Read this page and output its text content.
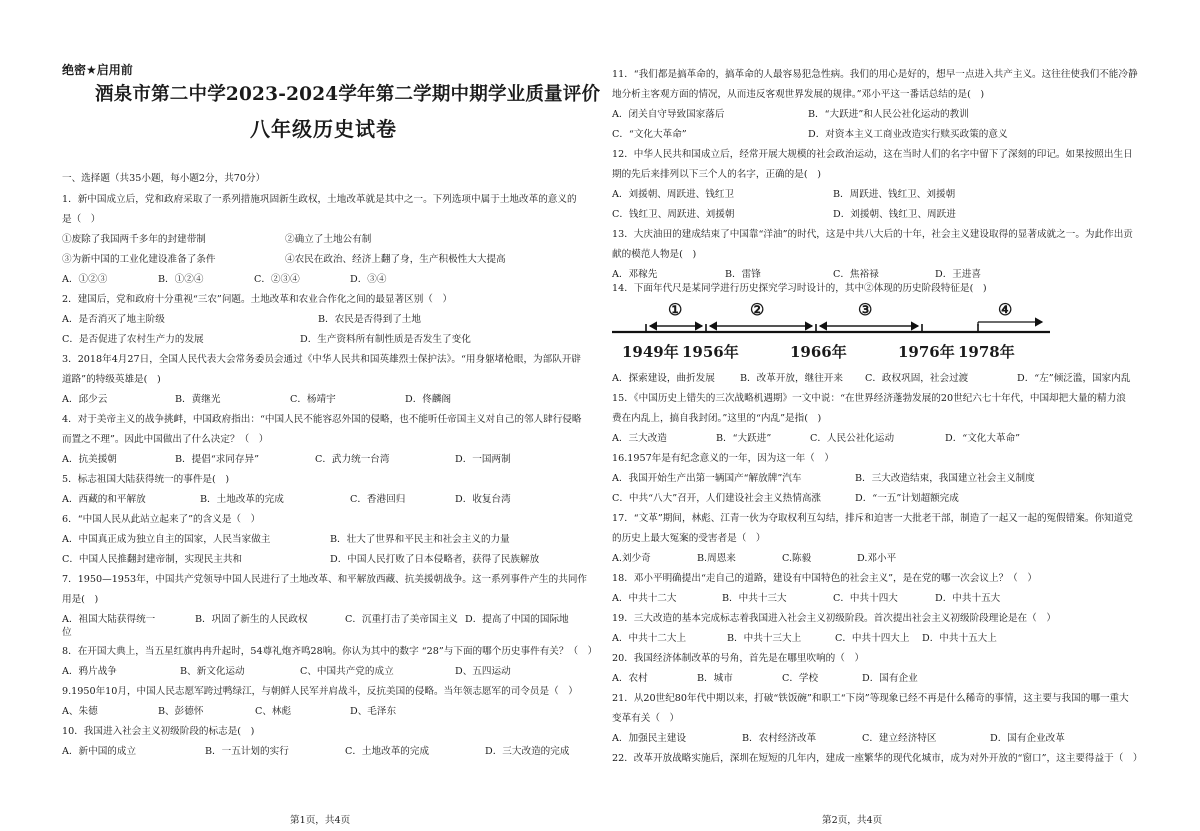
绝密★启用前
酒泉市第二中学2023-2024学年第二学期中期学业质量评价
八年级历史试卷
一、选择题（共35小题，每小题2分，共70分）
1．新中国成立后，党和政府采取了一系列措施巩固新生政权，土地改革就是其中之一。下列选项中属于土地改革的意义的
是（　）
①废除了我国两千多年的封建带制	②确立了土地公有制
③为新中国的工业化建设准备了条件	④农民在政治、经济上翻了身，生产积极性大大提高
A．①②③	B．①②④	C．②③④	D．③④
2．建国后，党和政府十分重视“三农”问题。土地改革和农业合作化之间的最显著区别（　）
A．是否消灭了地主阶级	B．农民是否得到了土地
C．是否促进了农村生产力的发展	D．生产资料所有制性质是否发生了变化
3．2018年4月27日，全国人民代表大会常务委员会通过《中华人民共和国英雄烈士保护法》。“用身躯堵枪眼，为部队开辟
道路”的特级英雄是(　)
A．邱少云	B．黄继光	C．杨靖宇	D．佟麟阁
4．对于美帝主义的战争挑衅，中国政府指出：“中国人民不能容忍外国的侵略，也不能听任帝国主义对自己的邻人肆行侵略
而置之不理”。因此中国做出了什么决定？（　）
A．抗美援朝	B．提倡“求同存异”	C．武力统一台湾	D．一国两制
5．标志祖国大陆获得统一的事件是(　)
A．西藏的和平解放	B．土地改革的完成	C．香港回归	D．收复台湾
6．“中国人民从此站立起来了”的含义是（　）
A．中国真正成为独立自主的国家，人民当家做主	B．壮大了世界和平民主和社会主义的力量
C．中国人民推翻封建帝制，实现民主共和	D．中国人民打败了日本侵略者，获得了民族解放
7．1950—1953年，中国共产党领导中国人民进行了土地改革、和平解放西藏、抗美援朝战争。这一系列事件产生的共同作
用是(　)
A．祖国大陆获得统一	B．巩固了新生的人民政权	C．沉重打击了美帝国主义 D．提高了中国的国际地
位
8．在开国大典上，当五星红旗冉冉升起时，54尊礼炮齐鸣28响。你认为其中的数字 “28”与下面的哪个历史事件有关？（　）
A．鸦片战争	B、新文化运动	C、中国共产党的成立	D、五四运动
9.1950年10月，中国人民志愿军跨过鸭绿江，与朝鲜人民军并肩战斗，反抗美国的侵略。当年领志愿军的司令员是（　）
A、朱德	B、彭德怀	C、林彪	D、毛泽东
10．我国进入社会主义初级阶段的标志是(　)
A．新中国的成立	B．一五计划的实行	C．土地改革的完成	D．三大改造的完成
第1页，共4页
11．“我们都是搞革命的，搞革命的人最容易犯急性病。我们的用心是好的，想早一点进入共产主义。这往往使我们不能冷静
地分析主客观方面的情况，从而违反客观世界发展的规律。”邓小平这一番话总结的是(　)
A．闭关自守导致国家落后	B．“大跃进”和人民公社化运动的教训
C．“文化大革命”	D．对资本主义工商业改造实行赎买政策的意义
12．中华人民共和国成立后，经常开展大规模的社会政治运动，这在当时人们的名字中留下了深刻的印记。如果按照出生日
期的先后来排列以下三个人的名字，正确的是(　)
A．刘援朝、周跃进、钱红卫	B．周跃进、钱红卫、刘援朝
C．钱红卫、周跃进、刘援朝	D．刘援朝、钱红卫、周跃进
13．大庆油田的建成结束了中国靠“洋油”的时代，这是中共八大后的十年，社会主义建设取得的显著成就之一。为此作出贡
献的模范人物是(　)
A．邓稼先	B．雷锋	C．焦裕禄	D．王进喜
14．下面年代尺是某同学进行历史探究学习时设计的，其中②体现的历史阶段特征是(　)
①	②	③	④
1949年 1956年	1966年	1976年 1978年
A．探索建设，曲折发展	B．改革开放，继往开来 C．政权巩固，社会过渡	D．“左”倾泛滥，国家内乱
15．《中国历史上错失的三次战略机遇期》一文中说：“在世界经济蓬勃发展的20世纪六七十年代，中国却把大量的精力浪
费在内乱上，搞自我封闭。”这里的“内乱”是指(　)
A．三大改造	B．“大跃进”	C．人民公社化运动	D．“文化大革命”
16.1957年是有纪念意义的一年，因为这一年（　）
A．我国开始生产出第一辆国产“解放牌”汽车	B．三大改造结束，我国建立社会主义制度
C．中共“八大”召开，人们建设社会主义热情高涨	D．“一五”计划超额完成
17．“文革”期间，林彪、江青一伙为夺取权利互勾结，排斥和迫害一大批老干部，制造了一起又一起的冤假错案。你知道党
的历史上最大冤案的受害者是（　）
A.刘少奇	B.周恩来	C.陈毅	D.邓小平
18．邓小平明确提出“走自己的道路，建设有中国特色的社会主义”，是在党的哪一次会议上？（　）
A．中共十二大	B．中共十三大	C．中共十四大	D．中共十五大
19．三大改造的基本完成标志着我国进入社会主义初级阶段。首次提出社会主义初级阶段理论是在（　）
A．中共十二大上	B．中共十三大上	C．中共十四大上 D．中共十五大上
20．我国经济体制改革的号角，首先是在哪里吹响的（　）
A．农村	B．城市	C．学校	D．国有企业
21．从20世纪80年代中期以来，打破“铁饭碗”和职工“下岗”等现象已经不再是什么稀奇的事情，这主要与我国的哪一重大
变革有关（　）
A．加强民主建设	B．农村经济改革	C．建立经济特区	D．国有企业改革
22．改革开放战略实施后，深圳在短短的几年内，建成一座繁华的现代化城市，成为对外开放的“窗口”，这主要得益于（　）
第2页，共4页
